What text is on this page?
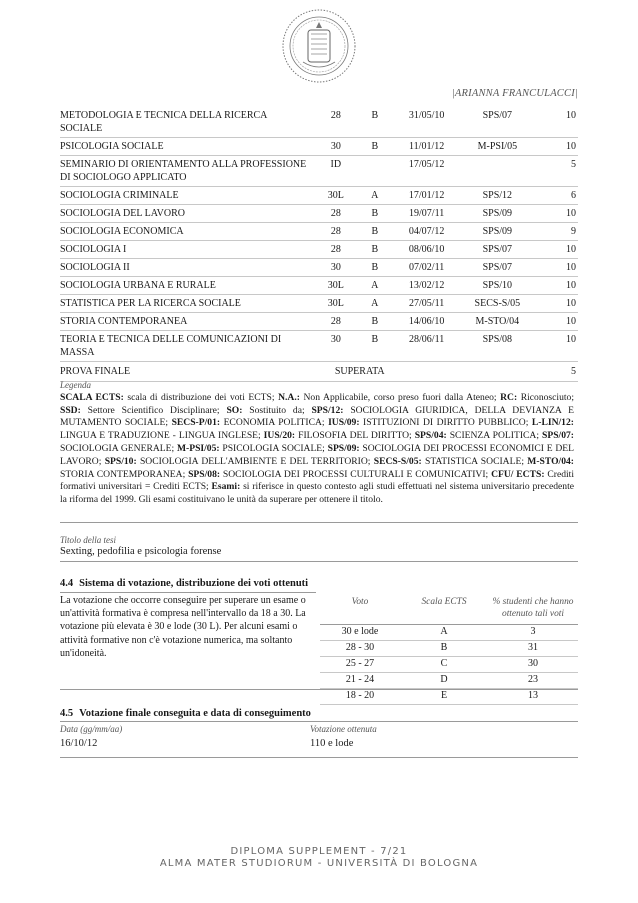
|ARIANNA FRANCULACCI|
METODOLOGIA E TECNICA DELLA RICERCA SOCIALE	28	B	31/05/10	SPS/07	10
PSICOLOGIA SOCIALE	30	B	11/01/12	M-PSI/05	10
SEMINARIO DI ORIENTAMENTO ALLA PROFESSIONE DI SOCIOLOGO APPLICATO	ID		17/05/12		5
SOCIOLOGIA CRIMINALE	30L	A	17/01/12	SPS/12	6
SOCIOLOGIA DEL LAVORO	28	B	19/07/11	SPS/09	10
SOCIOLOGIA ECONOMICA	28	B	04/07/12	SPS/09	9
SOCIOLOGIA I	28	B	08/06/10	SPS/07	10
SOCIOLOGIA II	30	B	07/02/11	SPS/07	10
SOCIOLOGIA URBANA E RURALE	30L	A	13/02/12	SPS/10	10
STATISTICA PER LA RICERCA SOCIALE	30L	A	27/05/11	SECS-S/05	10
STORIA CONTEMPORANEA	28	B	14/06/10	M-STO/04	10
TEORIA E TECNICA DELLE COMUNICAZIONI DI MASSA	30	B	28/06/11	SPS/08	10
PROVA FINALE	SUPERATA				5
Legenda
SCALA ECTS: scala di distribuzione dei voti ECTS; N.A.: Non Applicabile, corso preso fuori dalla Ateneo; RC: Riconosciuto; SSD: Settore Scientifico Disciplinare; SO: Sostituito da; SPS/12: SOCIOLOGIA GIURIDICA, DELLA DEVIANZA E MUTAMENTO SOCIALE; SECS-P/01: ECONOMIA POLITICA; IUS/09: ISTITUZIONI DI DIRITTO PUBBLICO; L-LIN/12: LINGUA E TRADUZIONE - LINGUA INGLESE; IUS/20: FILOSOFIA DEL DIRITTO; SPS/04: SCIENZA POLITICA; SPS/07: SOCIOLOGIA GENERALE; M-PSI/05: PSICOLOGIA SOCIALE; SPS/09: SOCIOLOGIA DEI PROCESSI ECONOMICI E DEL LAVORO; SPS/10: SOCIOLOGIA DELL'AMBIENTE E DEL TERRITORIO; SECS-S/05: STATISTICA SOCIALE; M-STO/04: STORIA CONTEMPORANEA; SPS/08: SOCIOLOGIA DEI PROCESSI CULTURALI E COMUNICATIVI; CFU/ ECTS: Crediti formativi universitari = Crediti ECTS; Esami: si riferisce in questo contesto agli studi effettuati nel sistema universitario precedente la riforma del 1999. Gli esami costituivano le unità da superare per ottenere il titolo.
Titolo della tesi
Sexting, pedofilia e psicologia forense
4.4 Sistema di votazione, distribuzione dei voti ottenuti
La votazione che occorre conseguire per superare un esame o un'attività formativa è compresa nell'intervallo da 18 a 30. La votazione più elevata è 30 e lode (30 L). Per alcuni esami o attività formative non c'è votazione numerica, ma soltanto un'idoneità.
Voto	Scala ECTS	% studenti che hanno ottenuto tali voti
30 e lode	A	3
28 - 30	B	31
25 - 27	C	30
21 - 24	D	23
18 - 20	E	13
4.5 Votazione finale conseguita e data di conseguimento
Data (gg/mm/aa)
16/10/12
Votazione ottenuta
110 e lode
DIPLOMA SUPPLEMENT - 7/21
ALMA MATER STUDIORUM - UNIVERSITÀ DI BOLOGNA
